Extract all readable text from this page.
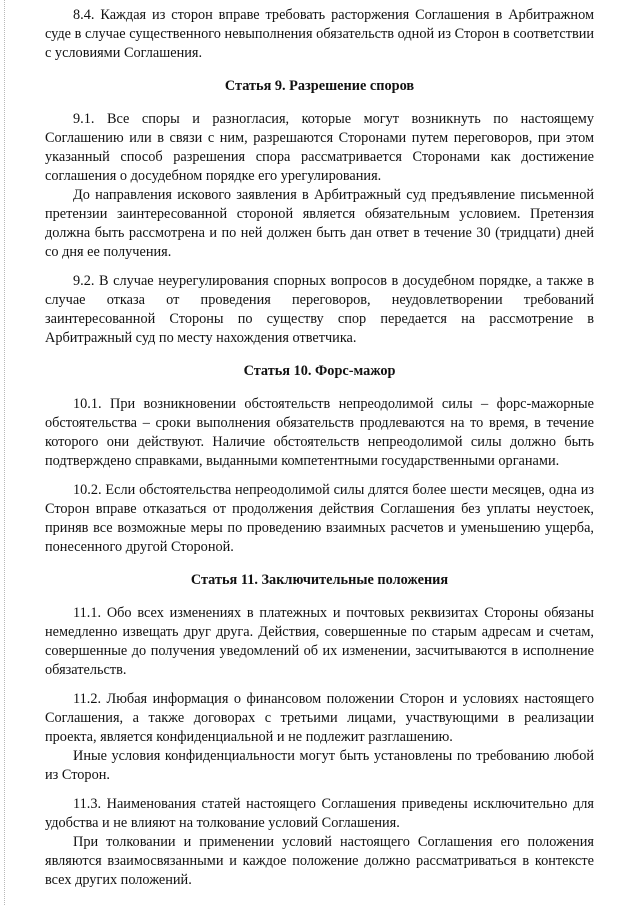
8.4. Каждая из сторон вправе требовать расторжения Соглашения в Арбитражном суде в случае существенного невыполнения обязательств одной из Сторон в соответствии с условиями Соглашения.

Статья 9. Разрешение споров

9.1. Все споры и разногласия, которые могут возникнуть по настоящему Соглашению или в связи с ним, разрешаются Сторонами путем переговоров, при этом указанный способ разрешения спора рассматривается Сторонами как достижение соглашения о досудебном порядке его урегулирования.

До направления искового заявления в Арбитражный суд предъявление письменной претензии заинтересованной стороной является обязательным условием. Претензия должна быть рассмотрена и по ней должен быть дан ответ в течение 30 (тридцати) дней со дня ее получения.

9.2. В случае неурегулирования спорных вопросов в досудебном порядке, а также в случае отказа от проведения переговоров, неудовлетворении требований заинтересованной Стороны по существу спор передается на рассмотрение в Арбитражный суд по месту нахождения ответчика.

Статья 10. Форс-мажор

10.1. При возникновении обстоятельств непреодолимой силы – форс-мажорные обстоятельства – сроки выполнения обязательств продлеваются на то время, в течение которого они действуют. Наличие обстоятельств непреодолимой силы должно быть подтверждено справками, выданными компетентными государственными органами.

10.2. Если обстоятельства непреодолимой силы длятся более шести месяцев, одна из Сторон вправе отказаться от продолжения действия Соглашения без уплаты неустоек, приняв все возможные меры по проведению взаимных расчетов и уменьшению ущерба, понесенного другой Стороной.

Статья 11. Заключительные положения

11.1. Обо всех изменениях в платежных и почтовых реквизитах Стороны обязаны немедленно извещать друг друга. Действия, совершенные по старым адресам и счетам, совершенные до получения уведомлений об их изменении, засчитываются в исполнение обязательств.

11.2. Любая информация о финансовом положении Сторон и условиях настоящего Соглашения, а также договорах с третьими лицами, участвующими в реализации проекта, является конфиденциальной и не подлежит разглашению.

Иные условия конфиденциальности могут быть установлены по требованию любой из Сторон.

11.3. Наименования статей настоящего Соглашения приведены исключительно для удобства и не влияют на толкование условий Соглашения.

При толковании и применении условий настоящего Соглашения его положения являются взаимосвязанными и каждое положение должно рассматриваться в контексте всех других положений.
